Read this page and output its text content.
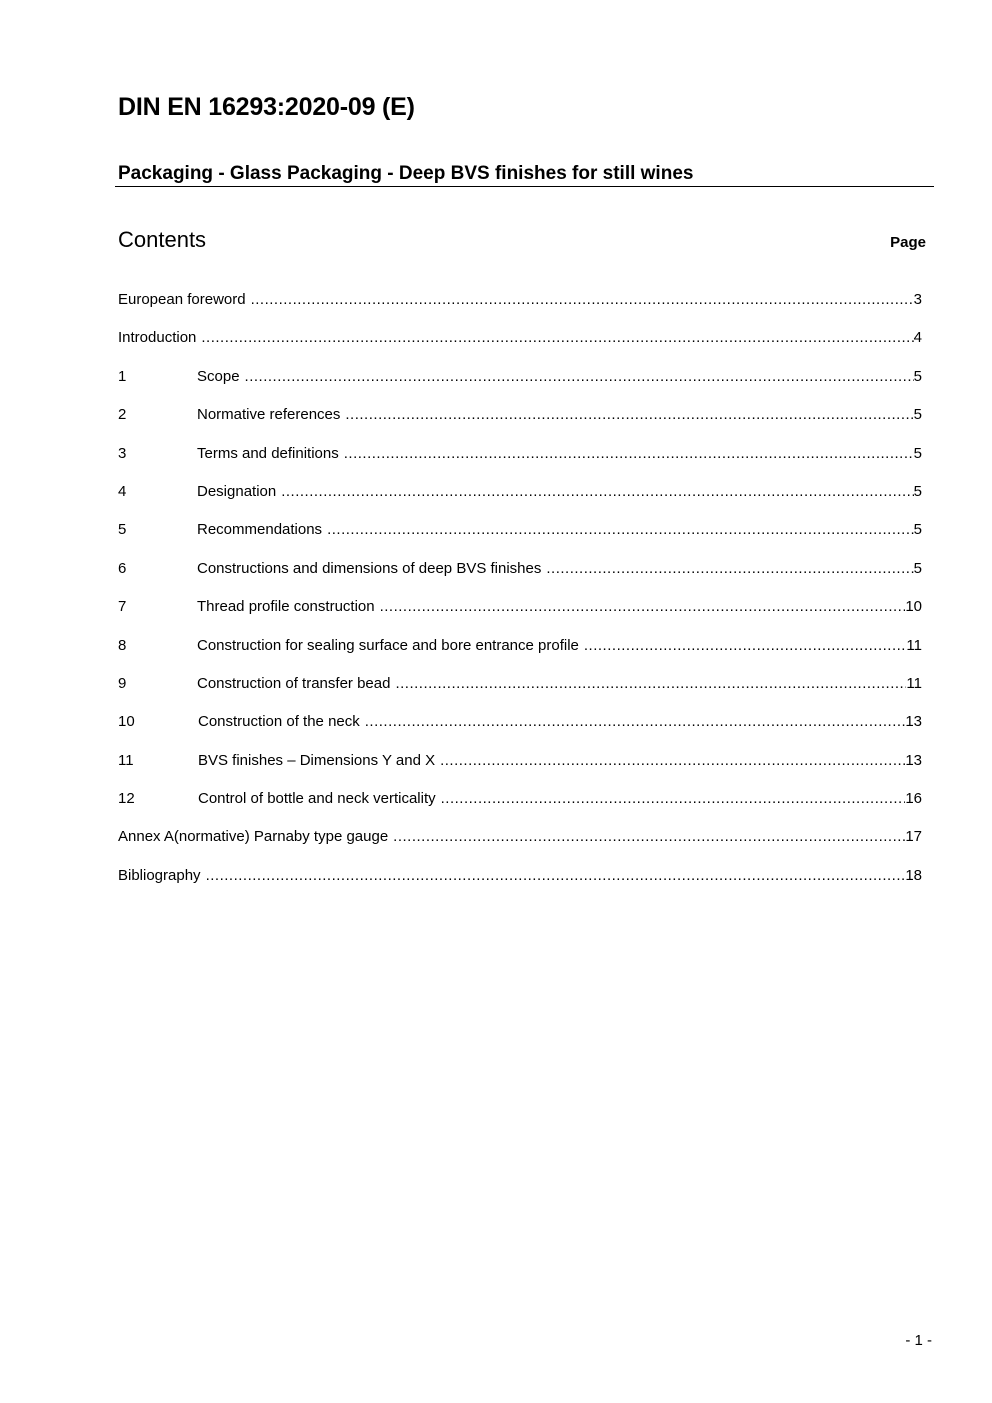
DIN EN 16293:2020-09 (E)
Packaging - Glass Packaging - Deep BVS finishes for still wines
Contents	Page
European foreword .....	3
Introduction .....	4
1	Scope .....	5
2	Normative references .....	5
3	Terms and definitions .....	5
4	Designation .....	5
5	Recommendations .....	5
6	Constructions and dimensions of deep BVS finishes .....	5
7	Thread profile construction .....	10
8	Construction for sealing surface and bore entrance profile .....	11
9	Construction of transfer bead .....	11
10	Construction of the neck .....	13
11	BVS finishes – Dimensions Y and X .....	13
12	Control of bottle and neck verticality .....	16
Annex A(normative) Parnaby type gauge .....	17
Bibliography .....	18
- 1 -
